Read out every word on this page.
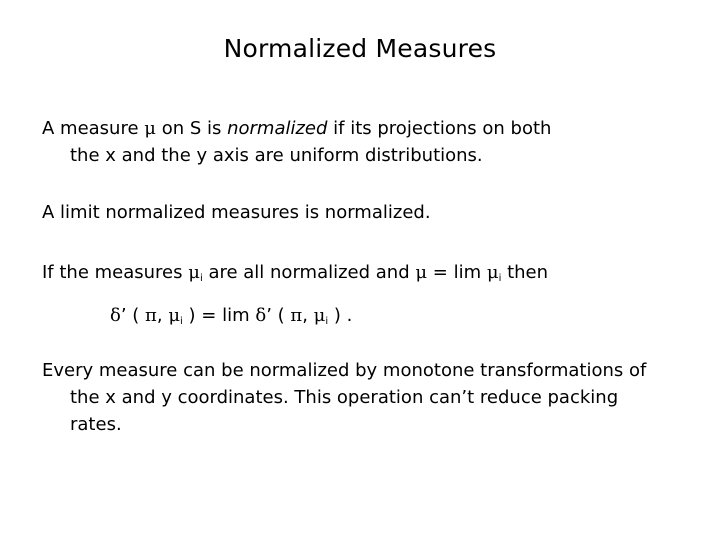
Normalized Measures
A measure μ on S is normalized if its projections on both
the x and the y axis are uniform distributions.
A limit normalized measures is normalized.
If the measures $\mu_i$ are all normalized and $\mu = \lim \mu_i$ then
δ’ ( π, $\mu_i$ ) = lim δ’ ( π, $\mu_i$ ) .
Every measure can be normalized by monotone transformations of
the x and y coordinates. This operation can’t reduce packing
rates.
